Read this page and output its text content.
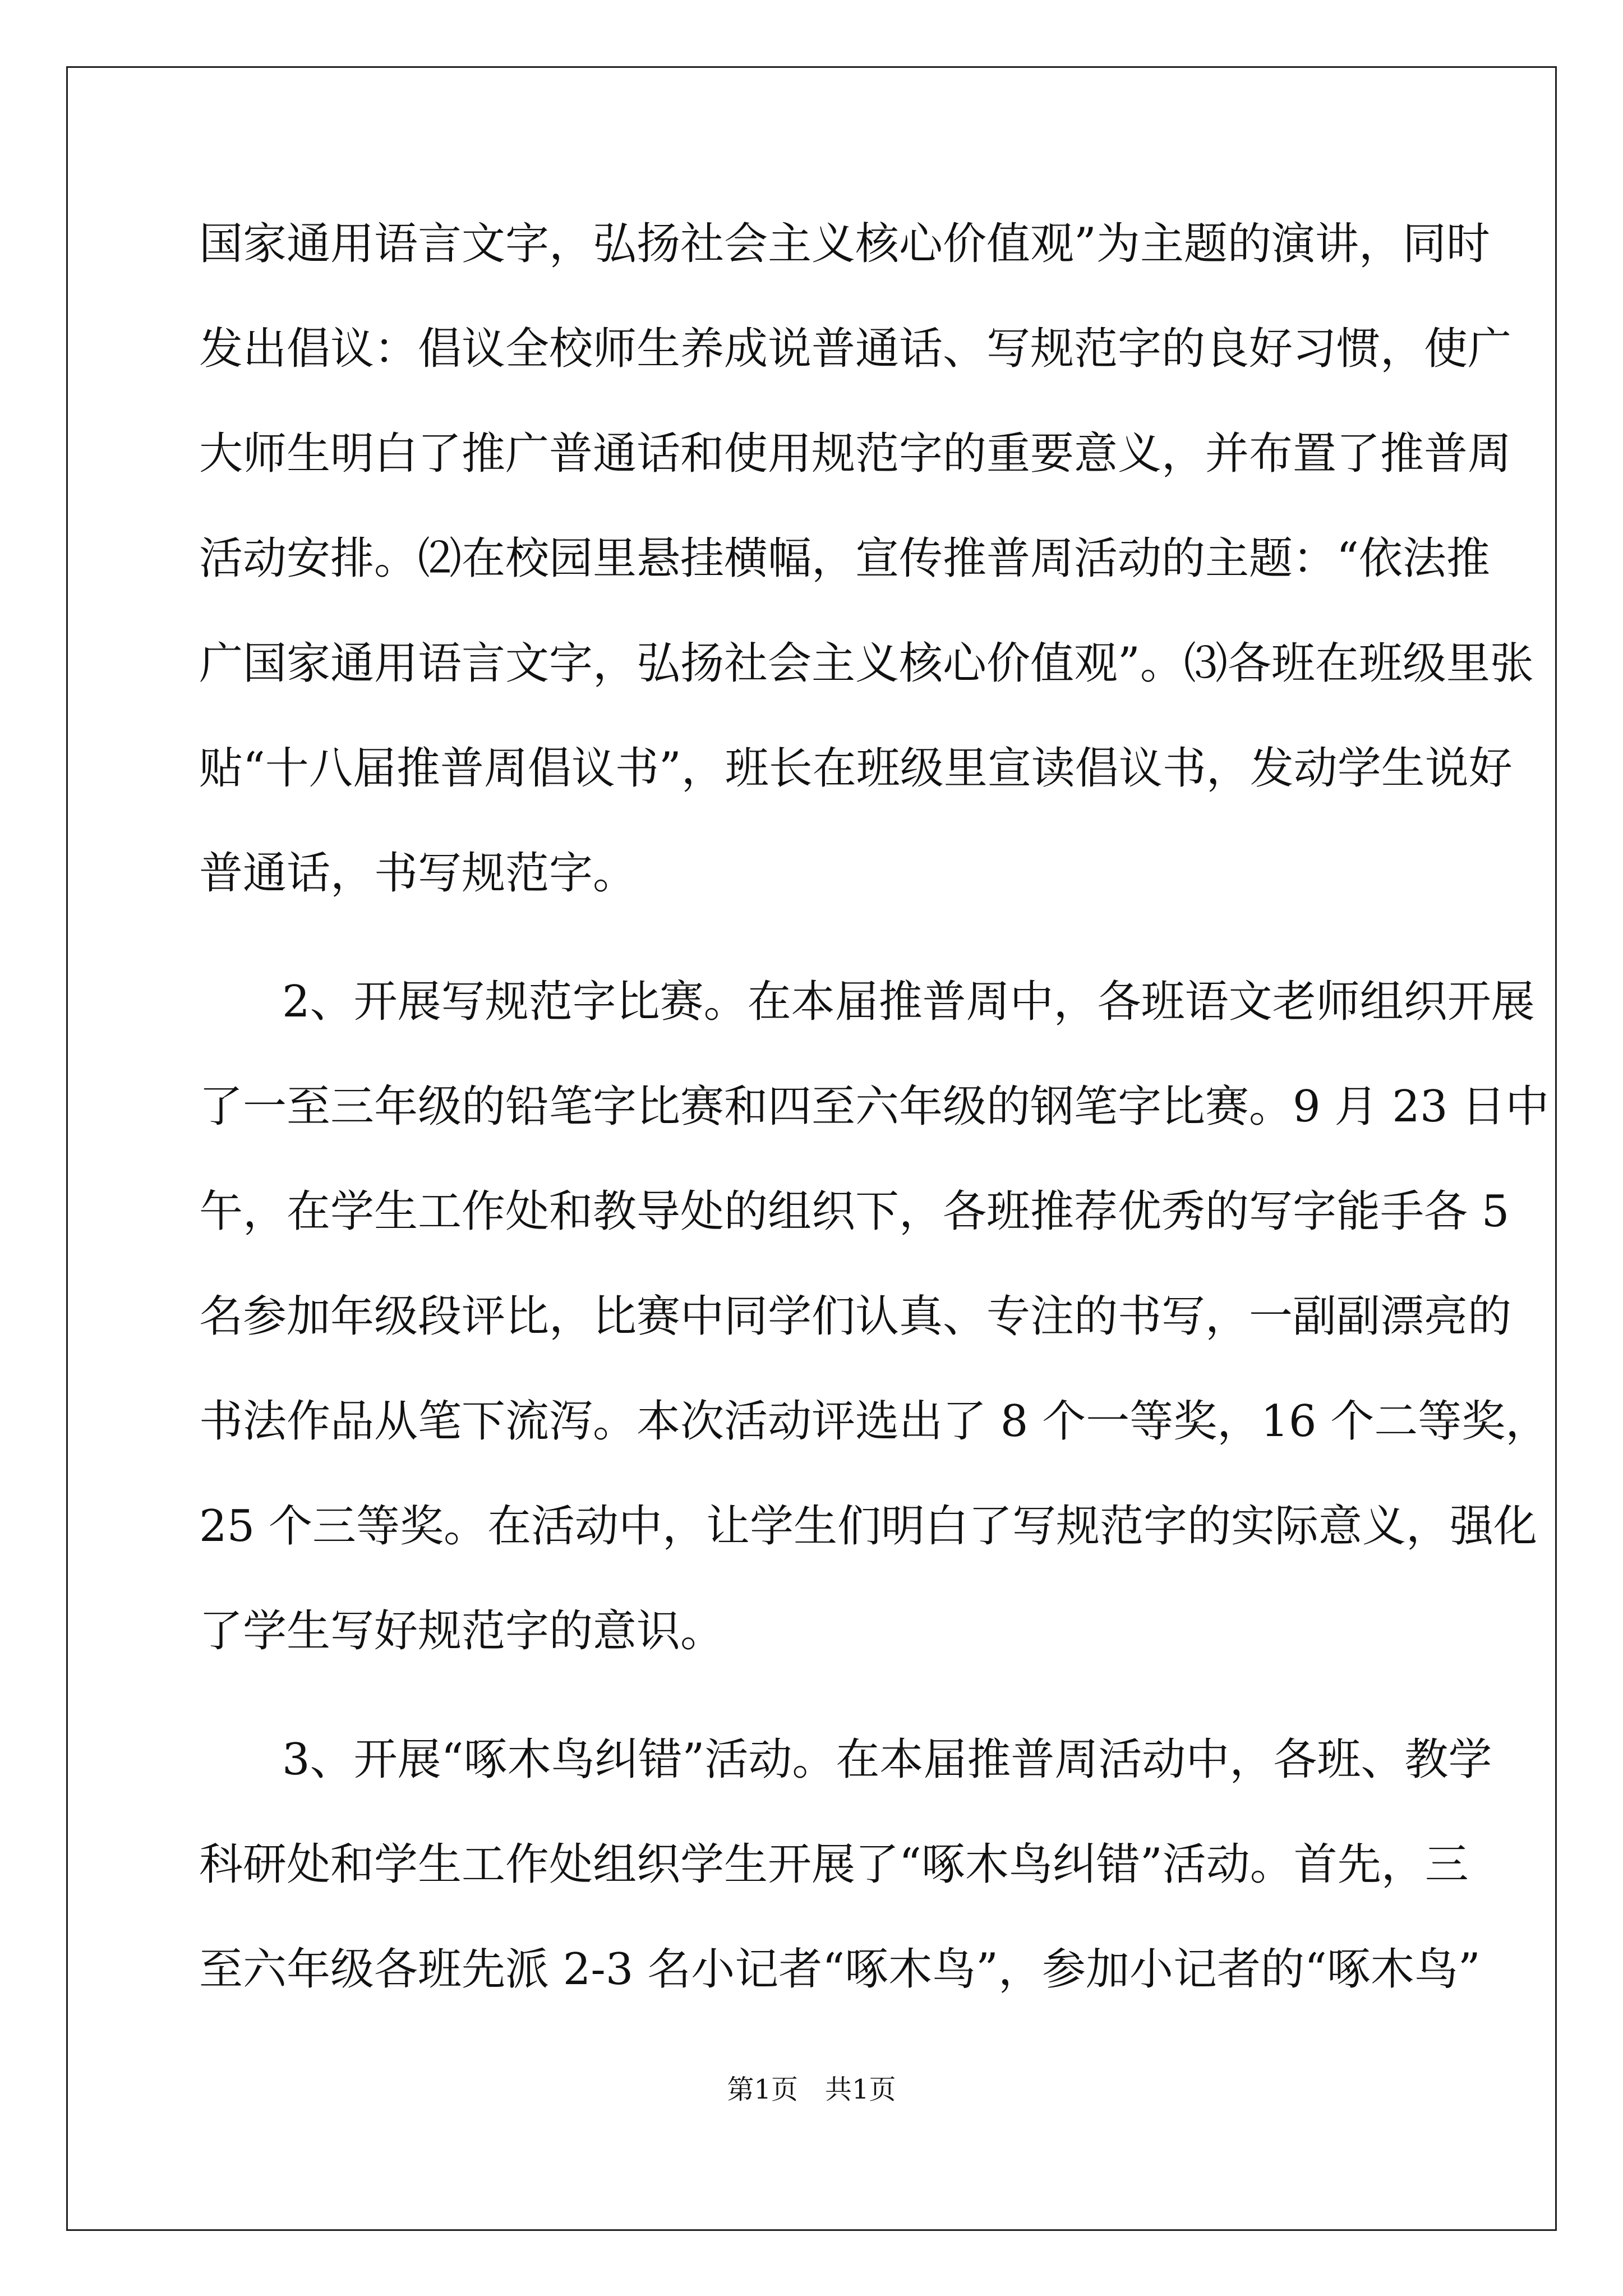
国家通用语言文字，弘扬社会主义核心价值观”为主题的演讲，同时
发出倡议：倡议全校师生养成说普通话、写规范字的良好习惯，使广
大师生明白了推广普通话和使用规范字的重要意义，并布置了推普周
活动安排。⑵在校园里悬挂横幅，宣传推普周活动的主题：“依法推
广国家通用语言文字，弘扬社会主义核心价值观”。⑶各班在班级里张
贴“十八届推普周倡议书”，班长在班级里宣读倡议书，发动学生说好
普通话，书写规范字。
2、开展写规范字比赛。在本届推普周中，各班语文老师组织开展
了一至三年级的铅笔字比赛和四至六年级的钢笔字比赛。9 月 23 日中
午，在学生工作处和教导处的组织下，各班推荐优秀的写字能手各 5
名参加年级段评比，比赛中同学们认真、专注的书写，一副副漂亮的
书法作品从笔下流泻。本次活动评选出了 8 个一等奖，16 个二等奖，
25 个三等奖。在活动中，让学生们明白了写规范字的实际意义，强化
了学生写好规范字的意识。
3、开展“啄木鸟纠错”活动。在本届推普周活动中，各班、教学
科研处和学生工作处组织学生开展了“啄木鸟纠错”活动。首先，三
至六年级各班先派 2-3 名小记者“啄木鸟”，参加小记者的“啄木鸟”
第1页　共1页
